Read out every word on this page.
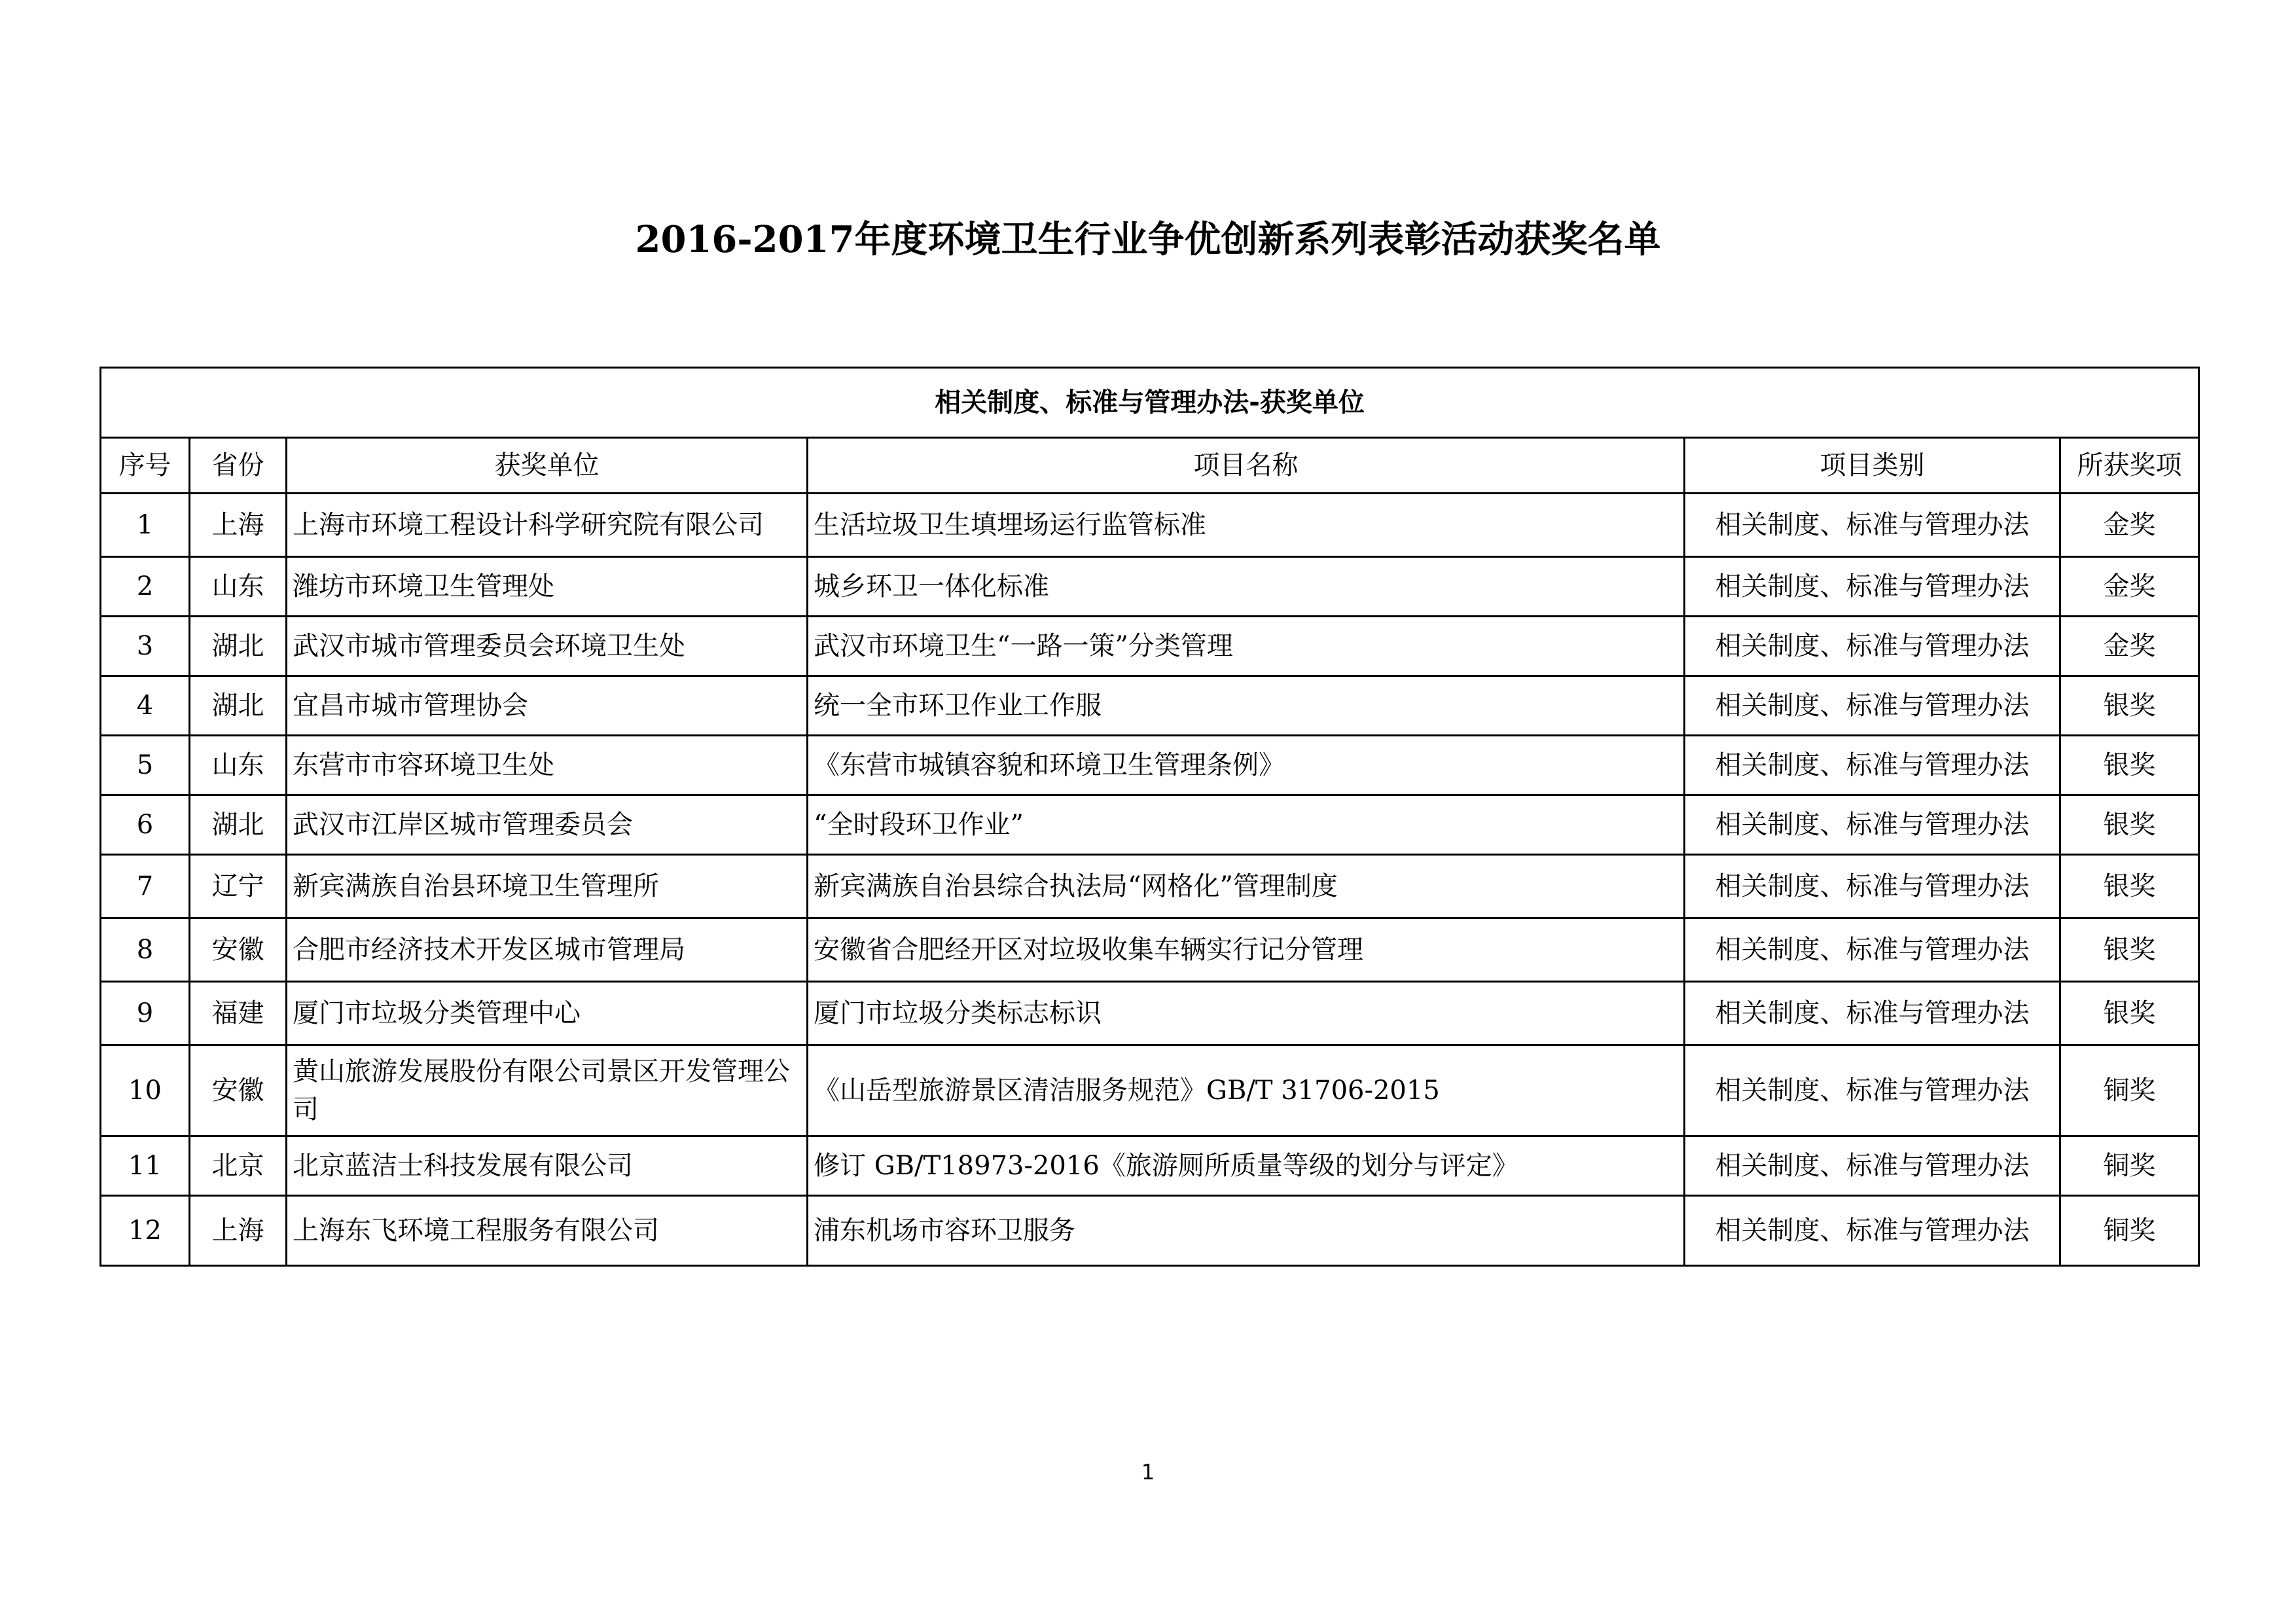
2016-2017年度环境卫生行业争优创新系列表彰活动获奖名单
相关制度、标准与管理办法-获奖单位					
序号	省份	获奖单位	项目名称	项目类别	所获奖项
1	上海	上海市环境工程设计科学研究院有限公司	生活垃圾卫生填埋场运行监管标准	相关制度、标准与管理办法	金奖
2	山东	潍坊市环境卫生管理处	城乡环卫一体化标准	相关制度、标准与管理办法	金奖
3	湖北	武汉市城市管理委员会环境卫生处	武汉市环境卫生“一路一策”分类管理	相关制度、标准与管理办法	金奖
4	湖北	宜昌市城市管理协会	统一全市环卫作业工作服	相关制度、标准与管理办法	银奖
5	山东	东营市市容环境卫生处	《东营市城镇容貌和环境卫生管理条例》	相关制度、标准与管理办法	银奖
6	湖北	武汉市江岸区城市管理委员会	“全时段环卫作业”	相关制度、标准与管理办法	银奖
7	辽宁	新宾满族自治县环境卫生管理所	新宾满族自治县综合执法局“网格化”管理制度	相关制度、标准与管理办法	银奖
8	安徽	合肥市经济技术开发区城市管理局	安徽省合肥经开区对垃圾收集车辆实行记分管理	相关制度、标准与管理办法	银奖
9	福建	厦门市垃圾分类管理中心	厦门市垃圾分类标志标识	相关制度、标准与管理办法	银奖
10	安徽	黄山旅游发展股份有限公司景区开发管理公司	《山岳型旅游景区清洁服务规范》GB/T 31706-2015	相关制度、标准与管理办法	铜奖
11	北京	北京蓝洁士科技发展有限公司	修订 GB/T18973-2016《旅游厕所质量等级的划分与评定》	相关制度、标准与管理办法	铜奖
12	上海	上海东飞环境工程服务有限公司	浦东机场市容环卫服务	相关制度、标准与管理办法	铜奖
1
